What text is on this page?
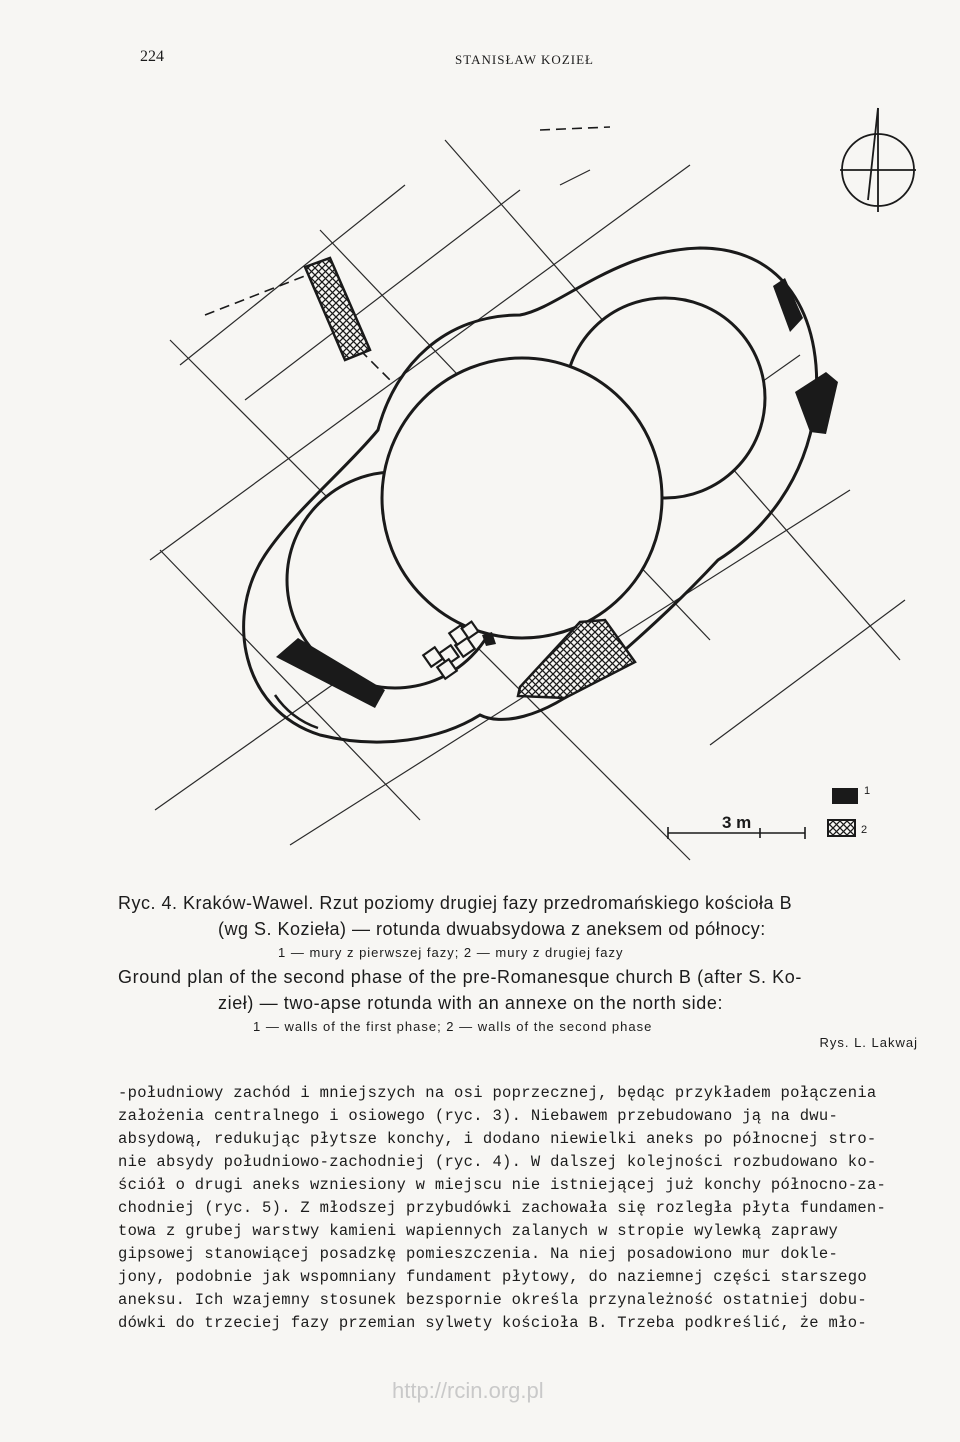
224	STANISŁAW KOZIEŁ
3 m
1
2

Ryc. 4. Kraków-Wawel. Rzut poziomy drugiej fazy przedromańskiego kościoła B

(wg S. Kozieła) — rotunda dwuabsydowa z aneksem od północy:

1 — mury z pierwszej fazy; 2 — mury z drugiej fazy

Ground plan of the second phase of the pre-Romanesque church B (after S. Ko-

zieł) — two-apse rotunda with an annexe on the north side:

1 — walls of the first phase; 2 — walls of the second phase

Rys. L. Lakwaj

-południowy zachód i mniejszych na osi poprzecznej, będąc przykładem połączenia

założenia centralnego i osiowego (ryc. 3). Niebawem przebudowano ją na dwu-

absydową, redukując płytsze konchy, i dodano niewielki aneks po północnej stro-

nie absydy południowo-zachodniej (ryc. 4). W dalszej kolejności rozbudowano ko-

ściół o drugi aneks wzniesiony w miejscu nie istniejącej już konchy północno-za-

chodniej (ryc. 5). Z młodszej przybudówki zachowała się rozległa płyta fundamen-

towa z grubej warstwy kamieni wapiennych zalanych w stropie wylewką zaprawy

gipsowej stanowiącej posadzkę pomieszczenia. Na niej posadowiono mur dokle-

jony, podobnie jak wspomniany fundament płytowy, do naziemnej części starszego

aneksu. Ich wzajemny stosunek bezspornie określa przynależność ostatniej dobu-

dówki do trzeciej fazy przemian sylwety kościoła B. Trzeba podkreślić, że mło-

http://rcin.org.pl
